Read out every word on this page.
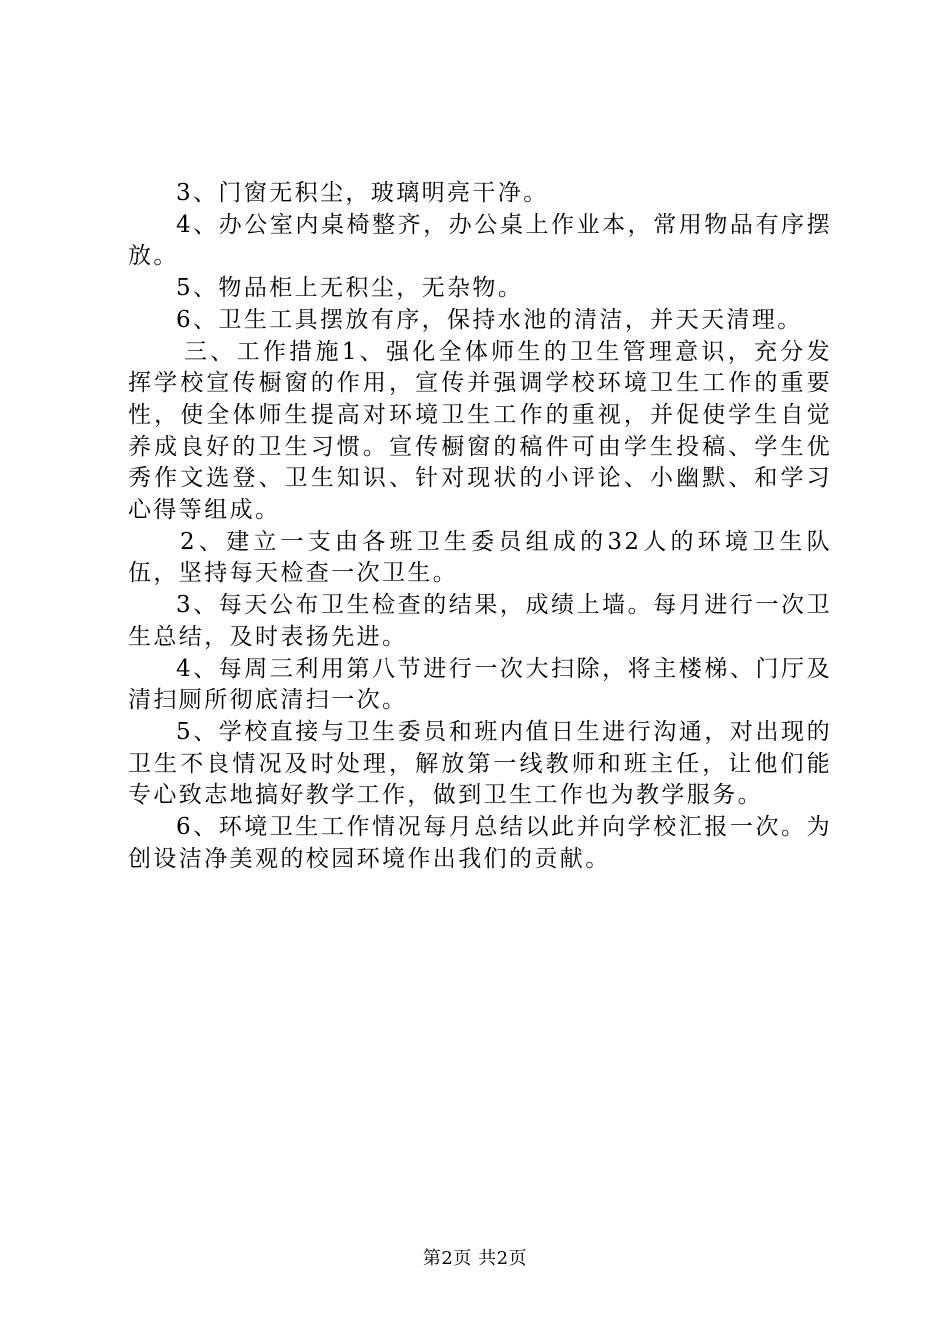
3、门窗无积尘，玻璃明亮干净。

4、办公室内桌椅整齐，办公桌上作业本，常用物品有序摆放。

5、物品柜上无积尘，无杂物。

6、卫生工具摆放有序，保持水池的清洁，并天天清理。

三、工作措施1、强化全体师生的卫生管理意识，充分发挥学校宣传橱窗的作用，宣传并强调学校环境卫生工作的重要性，使全体师生提高对环境卫生工作的重视，并促使学生自觉养成良好的卫生习惯。宣传橱窗的稿件可由学生投稿、学生优秀作文选登、卫生知识、针对现状的小评论、小幽默、和学习心得等组成。

2、建立一支由各班卫生委员组成的32人的环境卫生队伍，坚持每天检查一次卫生。

3、每天公布卫生检查的结果，成绩上墙。每月进行一次卫生总结，及时表扬先进。

4、每周三利用第八节进行一次大扫除，将主楼梯、门厅及清扫厕所彻底清扫一次。

5、学校直接与卫生委员和班内值日生进行沟通，对出现的卫生不良情况及时处理，解放第一线教师和班主任，让他们能专心致志地搞好教学工作，做到卫生工作也为教学服务。

6、环境卫生工作情况每月总结以此并向学校汇报一次。为创设洁净美观的校园环境作出我们的贡献。

第2页 共2页
